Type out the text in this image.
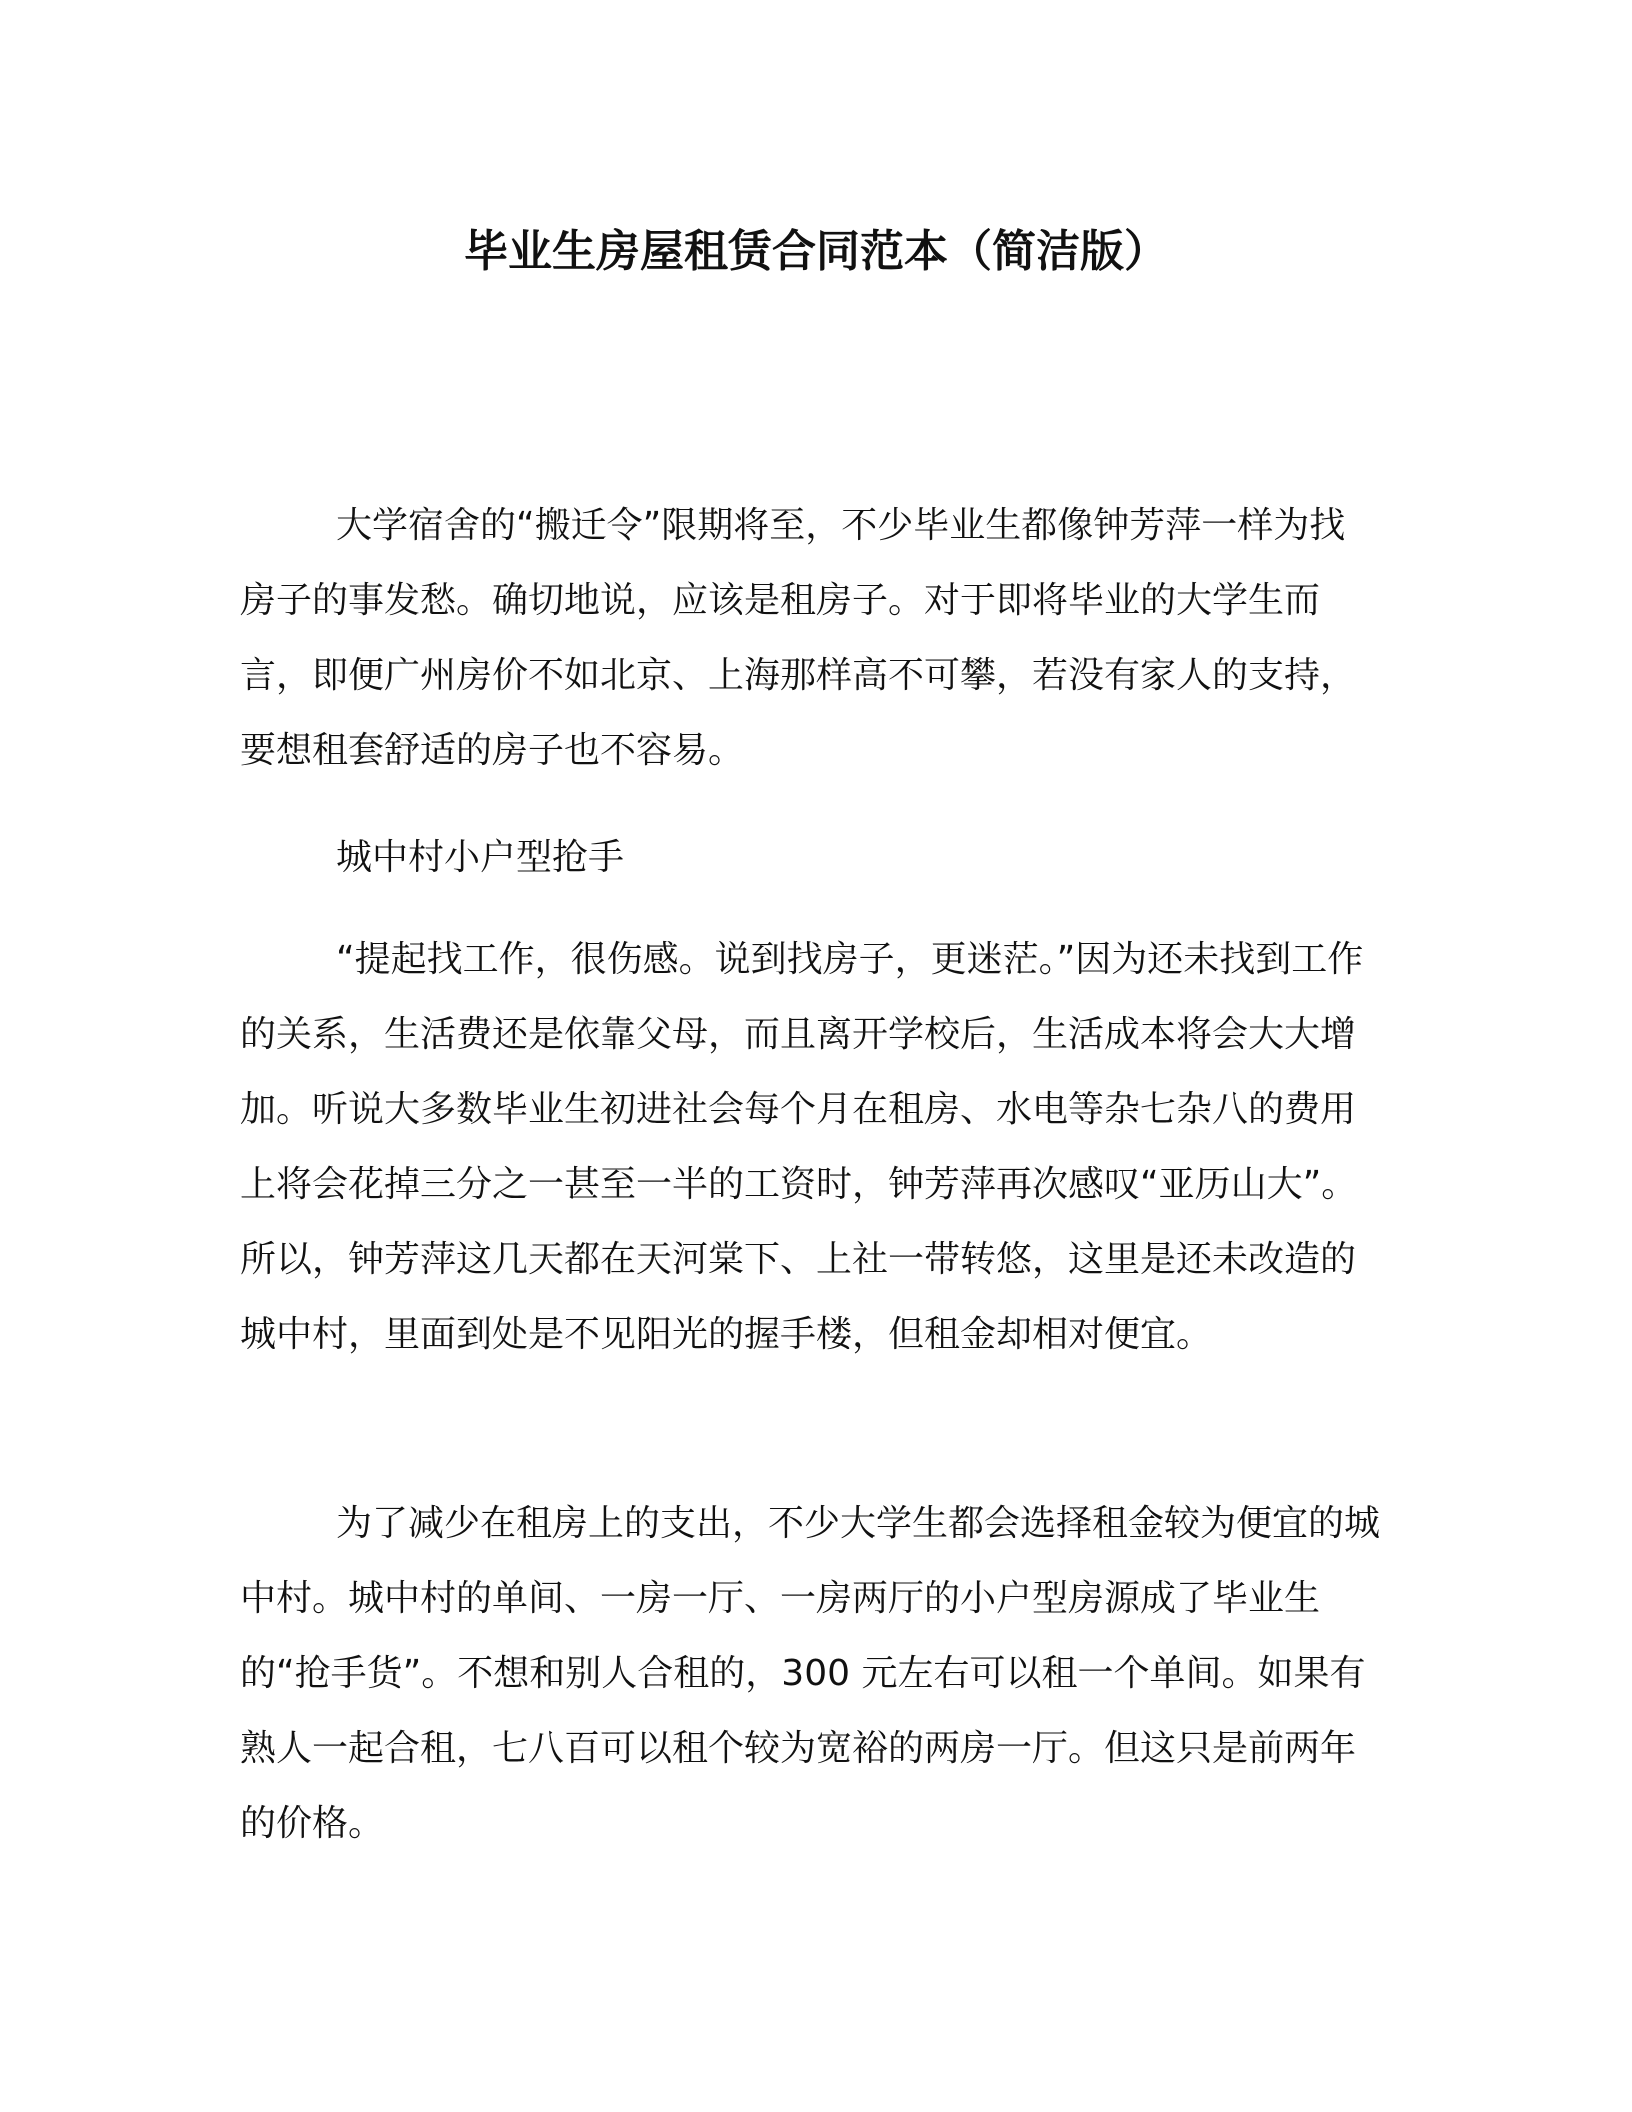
毕业生房屋租赁合同范本（简洁版）

大学宿舍的“搬迁令”限期将至，不少毕业生都像钟芳萍一样为找房子的事发愁。确切地说，应该是租房子。对于即将毕业的大学生而言，即便广州房价不如北京、上海那样高不可攀，若没有家人的支持，要想租套舒适的房子也不容易。

城中村小户型抢手

“提起找工作，很伤感。说到找房子，更迷茫。”因为还未找到工作的关系，生活费还是依靠父母，而且离开学校后，生活成本将会大大增加。听说大多数毕业生初进社会每个月在租房、水电等杂七杂八的费用上将会花掉三分之一甚至一半的工资时，钟芳萍再次感叹“亚历山大”。所以，钟芳萍这几天都在天河棠下、上社一带转悠，这里是还未改造的城中村，里面到处是不见阳光的握手楼，但租金却相对便宜。

为了减少在租房上的支出，不少大学生都会选择租金较为便宜的城中村。城中村的单间、一房一厅、一房两厅的小户型房源成了毕业生的“抢手货”。不想和别人合租的，300 元左右可以租一个单间。如果有熟人一起合租，七八百可以租个较为宽裕的两房一厅。但这只是前两年的价格。
